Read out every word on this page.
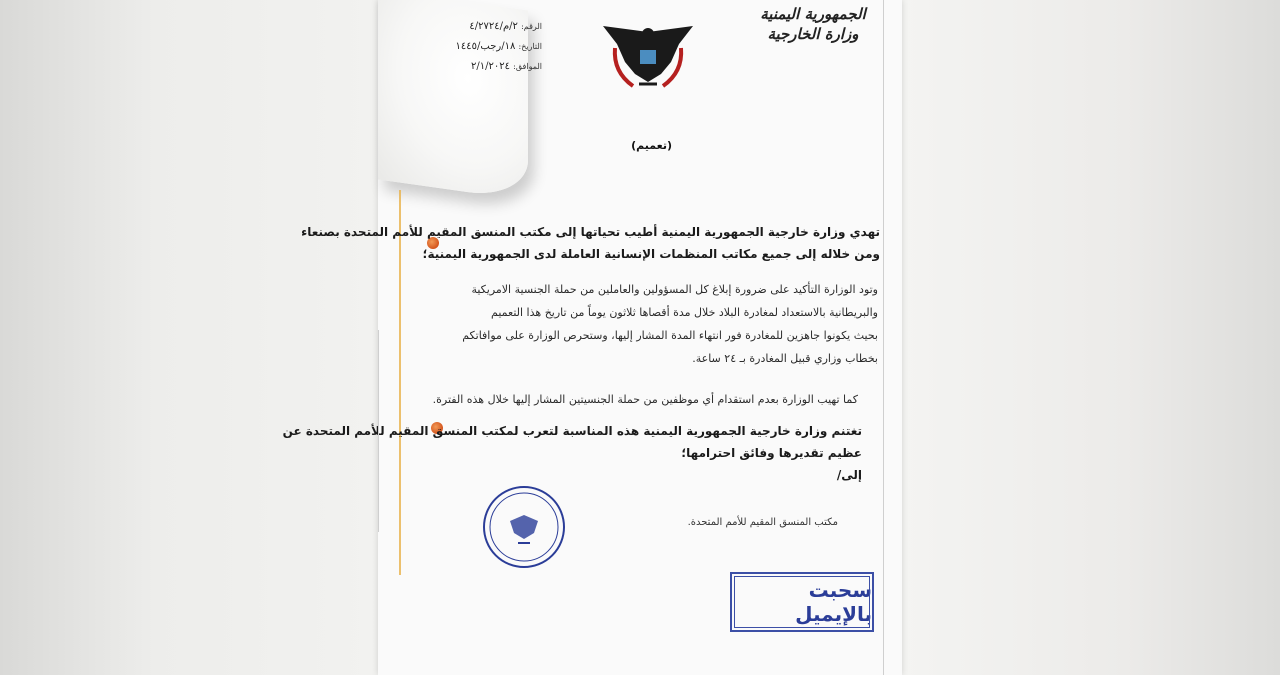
الرقم: ٢/م/٤/٢٧٢٤
التاريخ: ١٨/رجب/١٤٤٥
الموافق: ٢/١/٢٠٢٤
الجمهورية اليمنية
وزارة الخارجية
(تعميم)
تهدي وزارة خارجية الجمهورية اليمنية أطيب تحياتها إلى مكتب المنسق المقيم للأمم المتحدة بصنعاء
ومن خلاله إلى جميع مكاتب المنظمات الإنسانية العاملة لدى الجمهورية اليمنية؛
وتود الوزارة التأكيد على ضرورة إبلاغ كل المسؤولين والعاملين من حملة الجنسية الامريكية
والبريطانية بالاستعداد لمغادرة البلاد خلال مدة أقصاها ثلاثون يوماً من تاريخ هذا التعميم
بحيث يكونوا جاهزين للمغادرة فور انتهاء المدة المشار إليها، وستحرص الوزارة على موافاتكم
بخطاب وزاري قبيل المغادرة بـ ٢٤ ساعة.
كما تهيب الوزارة بعدم استقدام أي موظفين من حملة الجنسيتين المشار إليها خلال هذه الفترة.
تغتنم وزارة خارجية الجمهورية اليمنية هذه المناسبة لتعرب لمكتب المنسق المقيم للأمم المتحدة عن
عظيم تقديرها وفائق احترامها؛
إلى/
مكتب المنسق المقيم للأمم المتحدة.
سحبت بالإيميل
